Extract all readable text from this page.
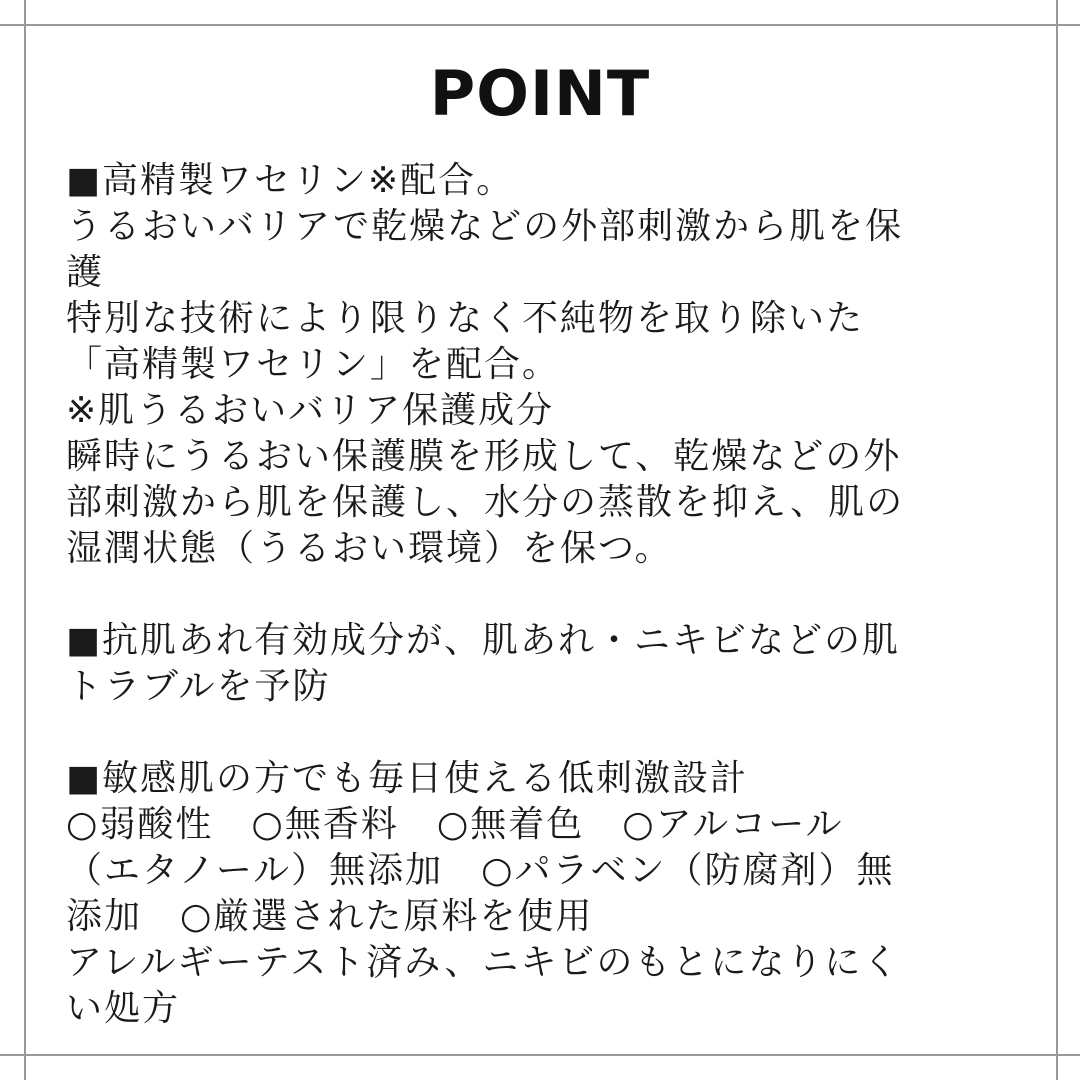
POINT

■高精製ワセリン※配合。

うるおいバリアで乾燥などの外部刺激から肌を保

護

特別な技術により限りなく不純物を取り除いた

「高精製ワセリン」を配合。

※肌うるおいバリア保護成分

瞬時にうるおい保護膜を形成して、乾燥などの外

部刺激から肌を保護し、水分の蒸散を抑え、肌の

湿潤状態（うるおい環境）を保つ。

■抗肌あれ有効成分が、肌あれ・ニキビなどの肌

トラブルを予防

■敏感肌の方でも毎日使える低刺激設計

○弱酸性　○無香料　○無着色　○アルコール

（エタノール）無添加　○パラベン（防腐剤）無

添加　○厳選された原料を使用

アレルギーテスト済み、ニキビのもとになりにく

い処方
